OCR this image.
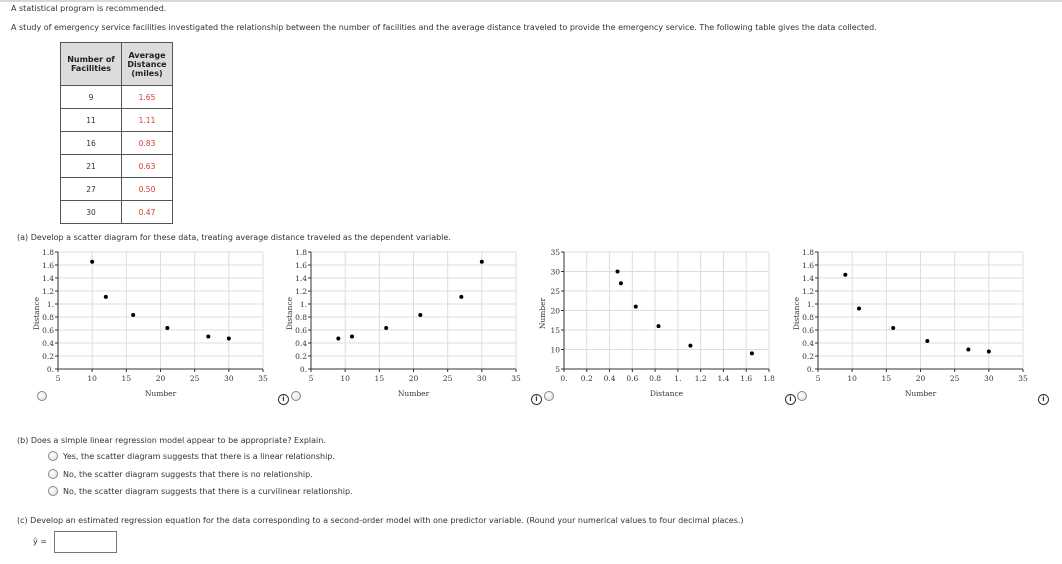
A statistical program is recommended.
A study of emergency service facilities investigated the relationship between the number of facilities and the average distance traveled to provide the emergency service. The following table gives the data collected.
Number of
Facilities	Average
Distance
(miles)
9	1.65
11	1.11
16	0.83
21	0.63
27	0.50
30	0.47
(a) Develop a scatter diagram for these data, treating average distance traveled as the dependent variable.
0.
0.2
0.4
0.6
0.8
1.
1.2
1.4
1.6
1.8
5	10	15	20	25	30	35
Number
Distance
0.
0.2
0.4
0.6
0.8
1.
1.2
1.4
1.6
1.8
5	10	15	20	25	30	35
Number
Distance
5
10
15
20
25
30
35
0. 0.2 0.4 0.6 0.8 1. 1.2 1.4 1.6 1.8
Distance
Number
0.
0.2
0.4
0.6
0.8
1.
1.2
1.4
1.6
1.8
5	10	15	20	25	30	35
Number
Distance
i	i	i	i
(b) Does a simple linear regression model appear to be appropriate? Explain.
Yes, the scatter diagram suggests that there is a linear relationship.
No, the scatter diagram suggests that there is no relationship.
No, the scatter diagram suggests that there is a curvilinear relationship.
(c) Develop an estimated regression equation for the data corresponding to a second-order model with one predictor variable. (Round your numerical values to four decimal places.)
ŷ =
